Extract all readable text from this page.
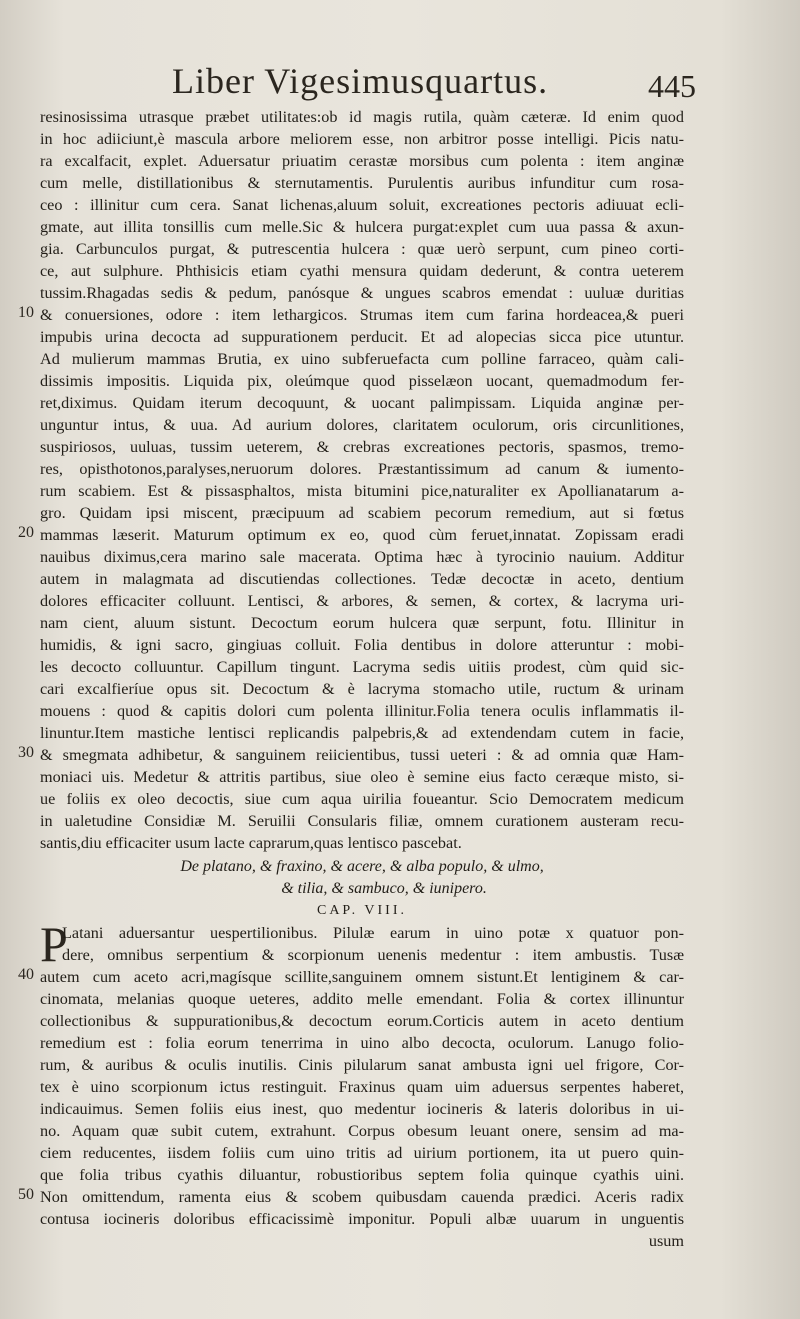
Liber Vigesimusquartus.	445
resinosissima utrasque præbet utilitates:ob id magis rutila, quàm cæteræ. Id enim quod
in hoc adiiciunt,è mascula arbore meliorem esse, non arbitror posse intelligi. Picis natu-
ra excalfacit, explet. Aduersatur priuatim cerastæ morsibus cum polenta : item anginæ
cum melle, distillationibus & sternutamentis. Purulentis auribus infunditur cum rosa-
ceo : illinitur cum cera. Sanat lichenas,aluum soluit, excreationes pectoris adiuuat ecli-
gmate, aut illita tonsillis cum melle.Sic & hulcera purgat:explet cum uua passa & axun-
gia. Carbunculos purgat, & putrescentia hulcera : quæ uerò serpunt, cum pineo corti-
ce, aut sulphure. Phthisicis etiam cyathi mensura quidam dederunt, & contra ueterem
tussim.Rhagadas sedis & pedum, panósque & ungues scabros emendat : uuluæ duritias
& conuersiones, odore : item lethargicos. Strumas item cum farina hordeacea,& pueri
impubis urina decocta ad suppurationem perducit. Et ad alopecias sicca pice utuntur.
Ad mulierum mammas Brutia, ex uino subferuefacta cum polline farraceo, quàm cali-
dissimis impositis. Liquida pix, oleúmque quod pisselæon uocant, quemadmodum fer-
ret,diximus. Quidam iterum decoquunt, & uocant palimpissam. Liquida anginæ per-
unguntur intus, & uua. Ad aurium dolores, claritatem oculorum, oris circunlitiones,
suspiriosos, uuluas, tussim ueterem, & crebras excreationes pectoris, spasmos, tremo-
res, opisthotonos,paralyses,neruorum dolores. Præstantissimum ad canum & iumento-
rum scabiem. Est & pissasphaltos, mista bitumini pice,naturaliter ex Apollianatarum a-
gro. Quidam ipsi miscent, præcipuum ad scabiem pecorum remedium, aut si fœtus
mammas læserit. Maturum optimum ex eo, quod cùm feruet,innatat. Zopissam eradi
nauibus diximus,cera marino sale macerata. Optima hæc à tyrocinio nauium. Additur
autem in malagmata ad discutiendas collectiones. Tedæ decoctæ in aceto, dentium
dolores efficaciter colluunt. Lentisci, & arbores, & semen, & cortex, & lacryma uri-
nam cient, aluum sistunt. Decoctum eorum hulcera quæ serpunt, fotu. Illinitur in
humidis, & igni sacro, gingiuas colluit. Folia dentibus in dolore atteruntur : mobi-
les decocto colluuntur. Capillum tingunt. Lacryma sedis uitiis prodest, cùm quid sic-
cari excalfieríue opus sit. Decoctum & è lacryma stomacho utile, ructum & urinam
mouens : quod & capitis dolori cum polenta illinitur.Folia tenera oculis inflammatis il-
linuntur.Item mastiche lentisci replicandis palpebris,& ad extendendam cutem in facie,
& smegmata adhibetur, & sanguinem reiicientibus, tussi ueteri : & ad omnia quæ Ham-
moniaci uis. Medetur & attritis partibus, siue oleo è semine eius facto ceræque misto, si-
ue foliis ex oleo decoctis, siue cum aqua uirilia foueantur. Scio Democratem medicum
in ualetudine Considiæ M. Seruilii Consularis filiæ, omnem curationem austeram recu-
santis,diu efficaciter usum lacte caprarum,quas lentisco pascebat.
De platano, & fraxino, & acere, & alba populo, & ulmo,
& tilia, & sambuco, & iunipero.
CAP. VIII.
P
Latani aduersantur uespertilionibus. Pilulæ earum in uino potæ x quatuor pon-
dere, omnibus serpentium & scorpionum uenenis medentur : item ambustis. Tusæ
autem cum aceto acri,magísque scillite,sanguinem omnem sistunt.Et lentiginem & car-
cinomata, melanias quoque ueteres, addito melle emendant. Folia & cortex illinuntur
collectionibus & suppurationibus,& decoctum eorum.Corticis autem in aceto dentium
remedium est : folia eorum tenerrima in uino albo decocta, oculorum. Lanugo folio-
rum, & auribus & oculis inutilis. Cinis pilularum sanat ambusta igni uel frigore, Cor-
tex è uino scorpionum ictus restinguit. Fraxinus quam uim aduersus serpentes haberet,
indicauimus. Semen foliis eius inest, quo medentur iocineris & lateris doloribus in ui-
no. Aquam quæ subit cutem, extrahunt. Corpus obesum leuant onere, sensim ad ma-
ciem reducentes, iisdem foliis cum uino tritis ad uirium portionem, ita ut puero quin-
que folia tribus cyathis diluantur, robustioribus septem folia quinque cyathis uini.
Non omittendum, ramenta eius & scobem quibusdam cauenda prædici. Aceris radix
contusa iocineris doloribus efficacissimè imponitur. Populi albæ uuarum in unguentis
usum
10
20
30
40
50
